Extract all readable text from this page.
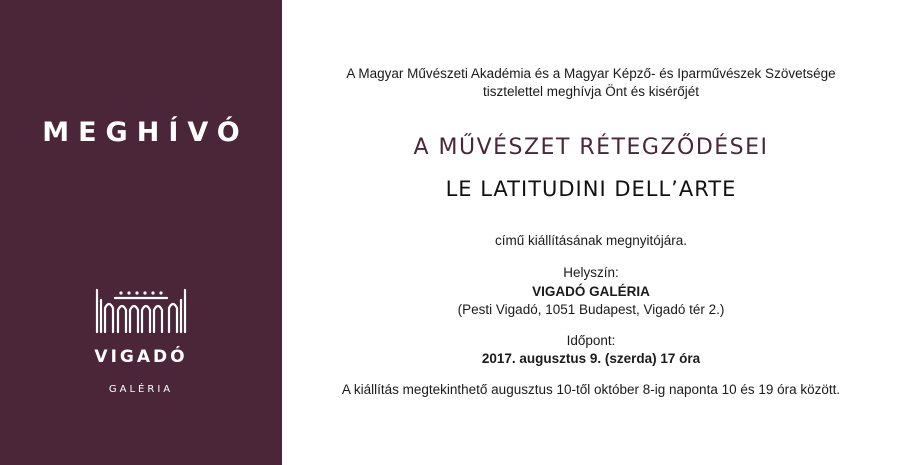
MEGHÍVÓ
VIGADÓ
GALÉRIA
A Magyar Művészeti Akadémia és a Magyar Képző- és Iparművészek Szövetsége
tisztelettel meghívja Önt és kisérőjét
A MŰVÉSZET RÉTEGZŐDÉSEI
LE LATITUDINI DELL’ARTE
című kiállításának megnyitójára.
Helyszín:
VIGADÓ GALÉRIA
(Pesti Vigadó, 1051 Budapest, Vigadó tér 2.)
Időpont:
2017. augusztus 9. (szerda) 17 óra
A kiállítás megtekinthető augusztus 10-től október 8-ig naponta 10 és 19 óra között.
